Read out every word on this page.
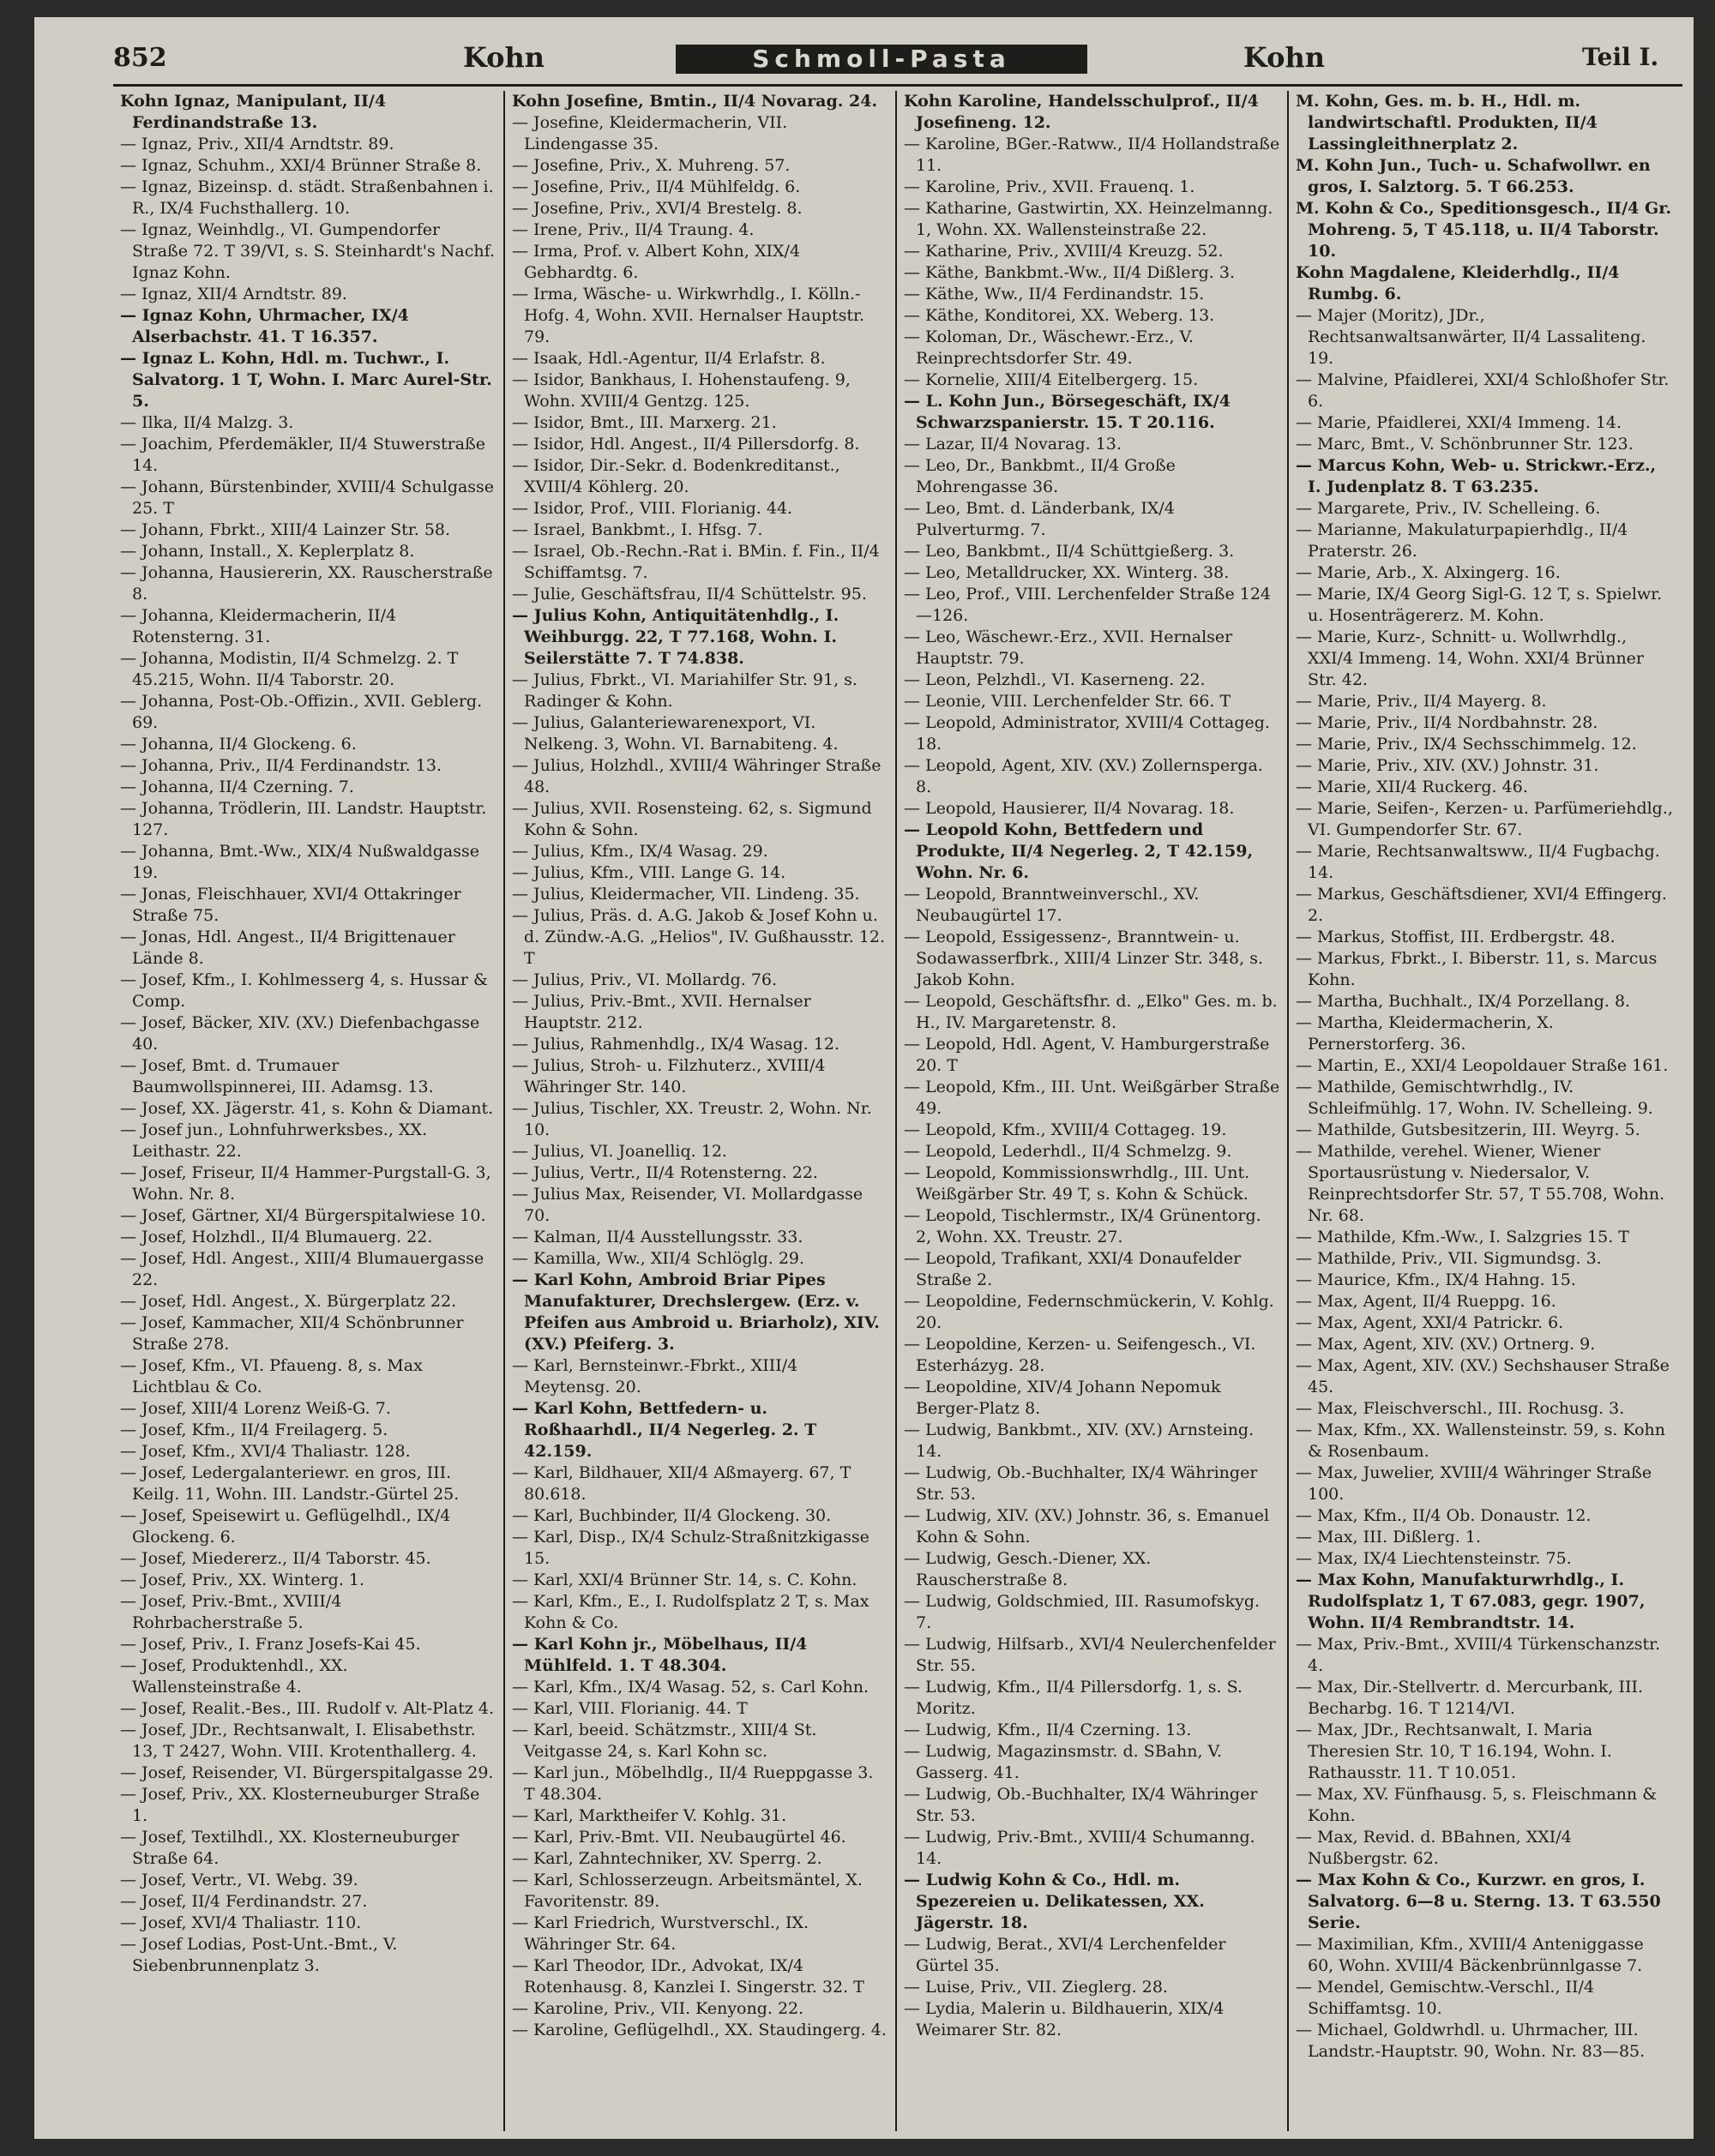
852	Kohn	Schmoll-Pasta	Kohn	Teil I.

Kohn Ignaz, Manipulant, II/4 Ferdinandstraße 13.

— Ignaz, Priv., XII/4 Arndtstr. 89.

— Ignaz, Schuhm., XXI/4 Brünner Straße 8.

— Ignaz, Bizeinsp. d. städt. Straßenbahnen i. R., IX/4 Fuchsthallerg. 10.

— Ignaz, Weinhdlg., VI. Gumpendorfer Straße 72. T 39/VI, s. S. Steinhardt's Nachf. Ignaz Kohn.

— Ignaz, XII/4 Arndtstr. 89.

— Ignaz Kohn, Uhrmacher, IX/4 Alserbachstr. 41. T 16.357.

— Ignaz L. Kohn, Hdl. m. Tuchwr., I. Salvatorg. 1 T, Wohn. I. Marc Aurel-Str. 5.

— Ilka, II/4 Malzg. 3.

— Joachim, Pferdemäkler, II/4 Stuwerstraße 14.

— Johann, Bürstenbinder, XVIII/4 Schulgasse 25. T

— Johann, Fbrkt., XIII/4 Lainzer Str. 58.

— Johann, Install., X. Keplerplatz 8.

— Johanna, Hausiererin, XX. Rauscherstraße 8.

— Johanna, Kleidermacherin, II/4 Rotensterng. 31.

— Johanna, Modistin, II/4 Schmelzg. 2. T 45.215, Wohn. II/4 Taborstr. 20.

— Johanna, Post-Ob.-Offizin., XVII. Geblerg. 69.

— Johanna, II/4 Glockeng. 6.

— Johanna, Priv., II/4 Ferdinandstr. 13.

— Johanna, II/4 Czerning. 7.

— Johanna, Trödlerin, III. Landstr. Hauptstr. 127.

— Johanna, Bmt.-Ww., XIX/4 Nußwaldgasse 19.

— Jonas, Fleischhauer, XVI/4 Ottakringer Straße 75.

— Jonas, Hdl. Angest., II/4 Brigittenauer Lände 8.

— Josef, Kfm., I. Kohlmesserg 4, s. Hussar & Comp.

— Josef, Bäcker, XIV. (XV.) Diefenbachgasse 40.

— Josef, Bmt. d. Trumauer Baumwollspinnerei, III. Adamsg. 13.

— Josef, XX. Jägerstr. 41, s. Kohn & Diamant.

— Josef jun., Lohnfuhrwerksbes., XX. Leithastr. 22.

— Josef, Friseur, II/4 Hammer-Purgstall-G. 3, Wohn. Nr. 8.

— Josef, Gärtner, XI/4 Bürgerspitalwiese 10.

— Josef, Holzhdl., II/4 Blumauerg. 22.

— Josef, Hdl. Angest., XIII/4 Blumauergasse 22.

— Josef, Hdl. Angest., X. Bürgerplatz 22.

— Josef, Kammacher, XII/4 Schönbrunner Straße 278.

— Josef, Kfm., VI. Pfaueng. 8, s. Max Lichtblau & Co.

— Josef, XIII/4 Lorenz Weiß-G. 7.

— Josef, Kfm., II/4 Freilagerg. 5.

— Josef, Kfm., XVI/4 Thaliastr. 128.

— Josef, Ledergalanteriewr. en gros, III. Keilg. 11, Wohn. III. Landstr.-Gürtel 25.

— Josef, Speisewirt u. Geflügelhdl., IX/4 Glockeng. 6.

— Josef, Miedererz., II/4 Taborstr. 45.

— Josef, Priv., XX. Winterg. 1.

— Josef, Priv.-Bmt., XVIII/4 Rohrbacherstraße 5.

— Josef, Priv., I. Franz Josefs-Kai 45.

— Josef, Produktenhdl., XX. Wallensteinstraße 4.

— Josef, Realit.-Bes., III. Rudolf v. Alt-Platz 4.

— Josef, JDr., Rechtsanwalt, I. Elisabethstr. 13, T 2427, Wohn. VIII. Krotenthallerg. 4.

— Josef, Reisender, VI. Bürgerspitalgasse 29.

— Josef, Priv., XX. Klosterneuburger Straße 1.

— Josef, Textilhdl., XX. Klosterneuburger Straße 64.

— Josef, Vertr., VI. Webg. 39.

— Josef, II/4 Ferdinandstr. 27.

— Josef, XVI/4 Thaliastr. 110.

— Josef Lodias, Post-Unt.-Bmt., V. Siebenbrunnenplatz 3.

Kohn Josefine, Bmtin., II/4 Novarag. 24.

— Josefine, Kleidermacherin, VII. Lindengasse 35.

— Josefine, Priv., X. Muhreng. 57.

— Josefine, Priv., II/4 Mühlfeldg. 6.

— Josefine, Priv., XVI/4 Brestelg. 8.

— Irene, Priv., II/4 Traung. 4.

— Irma, Prof. v. Albert Kohn, XIX/4 Gebhardtg. 6.

— Irma, Wäsche- u. Wirkwrhdlg., I. Kölln.-Hofg. 4, Wohn. XVII. Hernalser Hauptstr. 79.

— Isaak, Hdl.-Agentur, II/4 Erlafstr. 8.

— Isidor, Bankhaus, I. Hohenstaufeng. 9, Wohn. XVIII/4 Gentzg. 125.

— Isidor, Bmt., III. Marxerg. 21.

— Isidor, Hdl. Angest., II/4 Pillersdorfg. 8.

— Isidor, Dir.-Sekr. d. Bodenkreditanst., XVIII/4 Köhlerg. 20.

— Isidor, Prof., VIII. Florianig. 44.

— Israel, Bankbmt., I. Hfsg. 7.

— Israel, Ob.-Rechn.-Rat i. BMin. f. Fin., II/4 Schiffamtsg. 7.

— Julie, Geschäftsfrau, II/4 Schüttelstr. 95.

— Julius Kohn, Antiquitätenhdlg., I. Weihburgg. 22, T 77.168, Wohn. I. Seilerstätte 7. T 74.838.

— Julius, Fbrkt., VI. Mariahilfer Str. 91, s. Radinger & Kohn.

— Julius, Galanteriewarenexport, VI. Nelkeng. 3, Wohn. VI. Barnabiteng. 4.

— Julius, Holzhdl., XVIII/4 Währinger Straße 48.

— Julius, XVII. Rosensteing. 62, s. Sigmund Kohn & Sohn.

— Julius, Kfm., IX/4 Wasag. 29.

— Julius, Kfm., VIII. Lange G. 14.

— Julius, Kleidermacher, VII. Lindeng. 35.

— Julius, Präs. d. A.G. Jakob & Josef Kohn u. d. Zündw.-A.G. „Helios", IV. Gußhausstr. 12. T

— Julius, Priv., VI. Mollardg. 76.

— Julius, Priv.-Bmt., XVII. Hernalser Hauptstr. 212.

— Julius, Rahmenhdlg., IX/4 Wasag. 12.

— Julius, Stroh- u. Filzhuterz., XVIII/4 Währinger Str. 140.

— Julius, Tischler, XX. Treustr. 2, Wohn. Nr. 10.

— Julius, VI. Joanelliq. 12.

— Julius, Vertr., II/4 Rotensterng. 22.

— Julius Max, Reisender, VI. Mollardgasse 70.

— Kalman, II/4 Ausstellungsstr. 33.

— Kamilla, Ww., XII/4 Schlöglg. 29.

— Karl Kohn, Ambroid Briar Pipes Manufakturer, Drechslergew. (Erz. v. Pfeifen aus Ambroid u. Briarholz), XIV. (XV.) Pfeiferg. 3.

— Karl, Bernsteinwr.-Fbrkt., XIII/4 Meytensg. 20.

— Karl Kohn, Bettfedern- u. Roßhaarhdl., II/4 Negerleg. 2. T 42.159.

— Karl, Bildhauer, XII/4 Aßmayerg. 67, T 80.618.

— Karl, Buchbinder, II/4 Glockeng. 30.

— Karl, Disp., IX/4 Schulz-Straßnitzkigasse 15.

— Karl, XXI/4 Brünner Str. 14, s. C. Kohn.

— Karl, Kfm., E., I. Rudolfsplatz 2 T, s. Max Kohn & Co.

— Karl Kohn jr., Möbelhaus, II/4 Mühlfeld. 1. T 48.304.

— Karl, Kfm., IX/4 Wasag. 52, s. Carl Kohn.

— Karl, VIII. Florianig. 44. T

— Karl, beeid. Schätzmstr., XIII/4 St. Veitgasse 24, s. Karl Kohn sc.

— Karl jun., Möbelhdlg., II/4 Rueppgasse 3. T 48.304.

— Karl, Marktheifer V. Kohlg. 31.

— Karl, Priv.-Bmt. VII. Neubaugürtel 46.

— Karl, Zahntechniker, XV. Sperrg. 2.

— Karl, Schlosserzeugn. Arbeitsmäntel, X. Favoritenstr. 89.

— Karl Friedrich, Wurstverschl., IX. Währinger Str. 64.

— Karl Theodor, IDr., Advokat, IX/4 Rotenhausg. 8, Kanzlei I. Singerstr. 32. T

— Karoline, Priv., VII. Kenyong. 22.

— Karoline, Geflügelhdl., XX. Staudingerg. 4.

Kohn Karoline, Handelsschulprof., II/4 Josefineng. 12.

— Karoline, BGer.-Ratww., II/4 Hollandstraße 11.

— Karoline, Priv., XVII. Frauenq. 1.

— Katharine, Gastwirtin, XX. Heinzelmanng. 1, Wohn. XX. Wallensteinstraße 22.

— Katharine, Priv., XVIII/4 Kreuzg. 52.

— Käthe, Bankbmt.-Ww., II/4 Dißlerg. 3.

— Käthe, Ww., II/4 Ferdinandstr. 15.

— Käthe, Konditorei, XX. Weberg. 13.

— Koloman, Dr., Wäschewr.-Erz., V. Reinprechtsdorfer Str. 49.

— Kornelie, XIII/4 Eitelbergerg. 15.

— L. Kohn Jun., Börsegeschäft, IX/4 Schwarzspanierstr. 15. T 20.116.

— Lazar, II/4 Novarag. 13.

— Leo, Dr., Bankbmt., II/4 Große Mohrengasse 36.

— Leo, Bmt. d. Länderbank, IX/4 Pulverturmg. 7.

— Leo, Bankbmt., II/4 Schüttgießerg. 3.

— Leo, Metalldrucker, XX. Winterg. 38.

— Leo, Prof., VIII. Lerchenfelder Straße 124—126.

— Leo, Wäschewr.-Erz., XVII. Hernalser Hauptstr. 79.

— Leon, Pelzhdl., VI. Kaserneng. 22.

— Leonie, VIII. Lerchenfelder Str. 66. T

— Leopold, Administrator, XVIII/4 Cottageg. 18.

— Leopold, Agent, XIV. (XV.) Zollernsperga. 8.

— Leopold, Hausierer, II/4 Novarag. 18.

— Leopold Kohn, Bettfedern und Produkte, II/4 Negerleg. 2, T 42.159, Wohn. Nr. 6.

— Leopold, Branntweinverschl., XV. Neubaugürtel 17.

— Leopold, Essigessenz-, Branntwein- u. Sodawasserfbrk., XIII/4 Linzer Str. 348, s. Jakob Kohn.

— Leopold, Geschäftsfhr. d. „Elko" Ges. m. b. H., IV. Margaretenstr. 8.

— Leopold, Hdl. Agent, V. Hamburgerstraße 20. T

— Leopold, Kfm., III. Unt. Weißgärber Straße 49.

— Leopold, Kfm., XVIII/4 Cottageg. 19.

— Leopold, Lederhdl., II/4 Schmelzg. 9.

— Leopold, Kommissionswrhdlg., III. Unt. Weißgärber Str. 49 T, s. Kohn & Schück.

— Leopold, Tischlermstr., IX/4 Grünentorg. 2, Wohn. XX. Treustr. 27.

— Leopold, Trafikant, XXI/4 Donaufelder Straße 2.

— Leopoldine, Federnschmückerin, V. Kohlg. 20.

— Leopoldine, Kerzen- u. Seifengesch., VI. Esterházyg. 28.

— Leopoldine, XIV/4 Johann Nepomuk Berger-Platz 8.

— Ludwig, Bankbmt., XIV. (XV.) Arnsteing. 14.

— Ludwig, Ob.-Buchhalter, IX/4 Währinger Str. 53.

— Ludwig, XIV. (XV.) Johnstr. 36, s. Emanuel Kohn & Sohn.

— Ludwig, Gesch.-Diener, XX. Rauscherstraße 8.

— Ludwig, Goldschmied, III. Rasumofskyg. 7.

— Ludwig, Hilfsarb., XVI/4 Neulerchenfelder Str. 55.

— Ludwig, Kfm., II/4 Pillersdorfg. 1, s. S. Moritz.

— Ludwig, Kfm., II/4 Czerning. 13.

— Ludwig, Magazinsmstr. d. SBahn, V. Gasserg. 41.

— Ludwig, Ob.-Buchhalter, IX/4 Währinger Str. 53.

— Ludwig, Priv.-Bmt., XVIII/4 Schumanng. 14.

— Ludwig Kohn & Co., Hdl. m. Spezereien u. Delikatessen, XX. Jägerstr. 18.

— Ludwig, Berat., XVI/4 Lerchenfelder Gürtel 35.

— Luise, Priv., VII. Zieglerg. 28.

— Lydia, Malerin u. Bildhauerin, XIX/4 Weimarer Str. 82.

M. Kohn, Ges. m. b. H., Hdl. m. landwirtschaftl. Produkten, II/4 Lassingleithnerplatz 2.

M. Kohn Jun., Tuch- u. Schafwollwr. en gros, I. Salztorg. 5. T 66.253.

M. Kohn & Co., Speditionsgesch., II/4 Gr. Mohreng. 5, T 45.118, u. II/4 Taborstr. 10.

Kohn Magdalene, Kleiderhdlg., II/4 Rumbg. 6.

— Majer (Moritz), JDr., Rechtsanwaltsanwärter, II/4 Lassaliteng. 19.

— Malvine, Pfaidlerei, XXI/4 Schloßhofer Str. 6.

— Marie, Pfaidlerei, XXI/4 Immeng. 14.

— Marc, Bmt., V. Schönbrunner Str. 123.

— Marcus Kohn, Web- u. Strickwr.-Erz., I. Judenplatz 8. T 63.235.

— Margarete, Priv., IV. Schelleing. 6.

— Marianne, Makulaturpapierhdlg., II/4 Praterstr. 26.

— Marie, Arb., X. Alxingerg. 16.

— Marie, IX/4 Georg Sigl-G. 12 T, s. Spielwr. u. Hosenträgererz. M. Kohn.

— Marie, Kurz-, Schnitt- u. Wollwrhdlg., XXI/4 Immeng. 14, Wohn. XXI/4 Brünner Str. 42.

— Marie, Priv., II/4 Mayerg. 8.

— Marie, Priv., II/4 Nordbahnstr. 28.

— Marie, Priv., IX/4 Sechsschimmelg. 12.

— Marie, Priv., XIV. (XV.) Johnstr. 31.

— Marie, XII/4 Ruckerg. 46.

— Marie, Seifen-, Kerzen- u. Parfümeriehdlg., VI. Gumpendorfer Str. 67.

— Marie, Rechtsanwaltsww., II/4 Fugbachg. 14.

— Markus, Geschäftsdiener, XVI/4 Effingerg. 2.

— Markus, Stoffist, III. Erdbergstr. 48.

— Markus, Fbrkt., I. Biberstr. 11, s. Marcus Kohn.

— Martha, Buchhalt., IX/4 Porzellang. 8.

— Martha, Kleidermacherin, X. Pernerstorferg. 36.

— Martin, E., XXI/4 Leopoldauer Straße 161.

— Mathilde, Gemischtwrhdlg., IV. Schleifmühlg. 17, Wohn. IV. Schelleing. 9.

— Mathilde, Gutsbesitzerin, III. Weyrg. 5.

— Mathilde, verehel. Wiener, Wiener Sportausrüstung v. Niedersalor, V. Reinprechtsdorfer Str. 57, T 55.708, Wohn. Nr. 68.

— Mathilde, Kfm.-Ww., I. Salzgries 15. T

— Mathilde, Priv., VII. Sigmundsg. 3.

— Maurice, Kfm., IX/4 Hahng. 15.

— Max, Agent, II/4 Rueppg. 16.

— Max, Agent, XXI/4 Patrickr. 6.

— Max, Agent, XIV. (XV.) Ortnerg. 9.

— Max, Agent, XIV. (XV.) Sechshauser Straße 45.

— Max, Fleischverschl., III. Rochusg. 3.

— Max, Kfm., XX. Wallensteinstr. 59, s. Kohn & Rosenbaum.

— Max, Juwelier, XVIII/4 Währinger Straße 100.

— Max, Kfm., II/4 Ob. Donaustr. 12.

— Max, III. Dißlerg. 1.

— Max, IX/4 Liechtensteinstr. 75.

— Max Kohn, Manufakturwrhdlg., I. Rudolfsplatz 1, T 67.083, gegr. 1907, Wohn. II/4 Rembrandtstr. 14.

— Max, Priv.-Bmt., XVIII/4 Türkenschanzstr. 4.

— Max, Dir.-Stellvertr. d. Mercurbank, III. Becharbg. 16. T 1214/VI.

— Max, JDr., Rechtsanwalt, I. Maria Theresien Str. 10, T 16.194, Wohn. I. Rathausstr. 11. T 10.051.

— Max, XV. Fünfhausg. 5, s. Fleischmann & Kohn.

— Max, Revid. d. BBahnen, XXI/4 Nußbergstr. 62.

— Max Kohn & Co., Kurzwr. en gros, I. Salvatorg. 6—8 u. Sterng. 13. T 63.550 Serie.

— Maximilian, Kfm., XVIII/4 Anteniggasse 60, Wohn. XVIII/4 Bäckenbrünnlgasse 7.

— Mendel, Gemischtw.-Verschl., II/4 Schiffamtsg. 10.

— Michael, Goldwrhdl. u. Uhrmacher, III. Landstr.-Hauptstr. 90, Wohn. Nr. 83—85.
